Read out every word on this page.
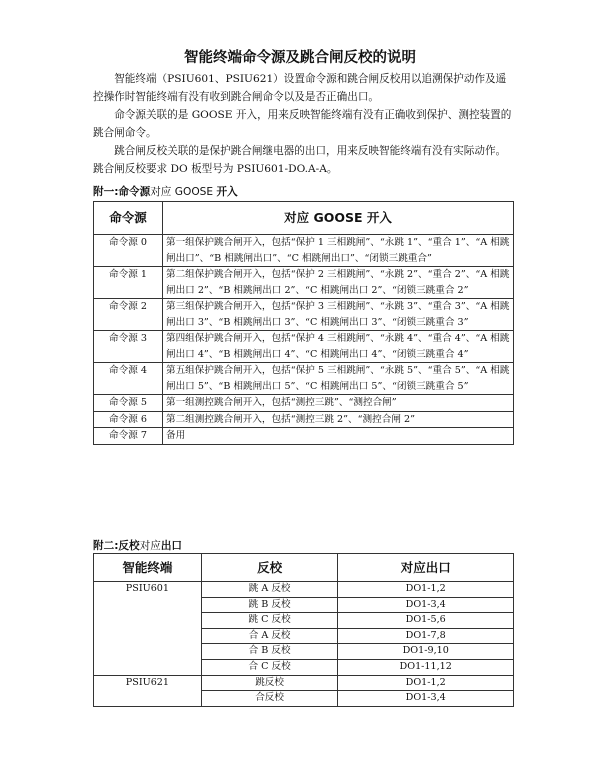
智能终端命令源及跳合闸反校的说明

智能终端（PSIU601、PSIU621）设置命令源和跳合闸反校用以追溯保护动作及遥控操作时智能终端有没有收到跳合闸命令以及是否正确出口。

命令源关联的是 GOOSE 开入，用来反映智能终端有没有正确收到保护、测控装置的跳合闸命令。

跳合闸反校关联的是保护跳合闸继电器的出口，用来反映智能终端有没有实际动作。跳合闸反校要求 DO 板型号为 PSIU601-DO.A-A。

附一:命令源对应 GOOSE 开入
命令源	对应 GOOSE 开入
命令源 0	第一组保护跳合闸开入，包括“保护 1 三相跳闸”、“永跳 1”、“重合 1”、“A 相跳闸出口”、“B 相跳闸出口”、“C 相跳闸出口”、“闭锁三跳重合”
命令源 1	第二组保护跳合闸开入，包括“保护 2 三相跳闸”、“永跳 2”、“重合 2”、“A 相跳闸出口 2”、“B 相跳闸出口 2”、“C 相跳闸出口 2”、“闭锁三跳重合 2”
命令源 2	第三组保护跳合闸开入，包括“保护 3 三相跳闸”、“永跳 3”、“重合 3”、“A 相跳闸出口 3”、“B 相跳闸出口 3”、“C 相跳闸出口 3”、“闭锁三跳重合 3”
命令源 3	第四组保护跳合闸开入，包括“保护 4 三相跳闸”、“永跳 4”、“重合 4”、“A 相跳闸出口 4”、“B 相跳闸出口 4”、“C 相跳闸出口 4”、“闭锁三跳重合 4”
命令源 4	第五组保护跳合闸开入，包括“保护 5 三相跳闸”、“永跳 5”、“重合 5”、“A 相跳闸出口 5”、“B 相跳闸出口 5”、“C 相跳闸出口 5”、“闭锁三跳重合 5”
命令源 5	第一组测控跳合闸开入，包括“测控三跳”、“测控合闸”
命令源 6	第二组测控跳合闸开入，包括“测控三跳 2”、“测控合闸 2”
命令源 7	备用
附二:反校对应出口
智能终端	反校	对应出口
PSIU601	跳 A 反校	DO1-1,2
	跳 B 反校	DO1-3,4
	跳 C 反校	DO1-5,6
	合 A 反校	DO1-7,8
	合 B 反校	DO1-9,10
	合 C 反校	DO1-11,12
PSIU621	跳反校	DO1-1,2
	合反校	DO1-3,4
